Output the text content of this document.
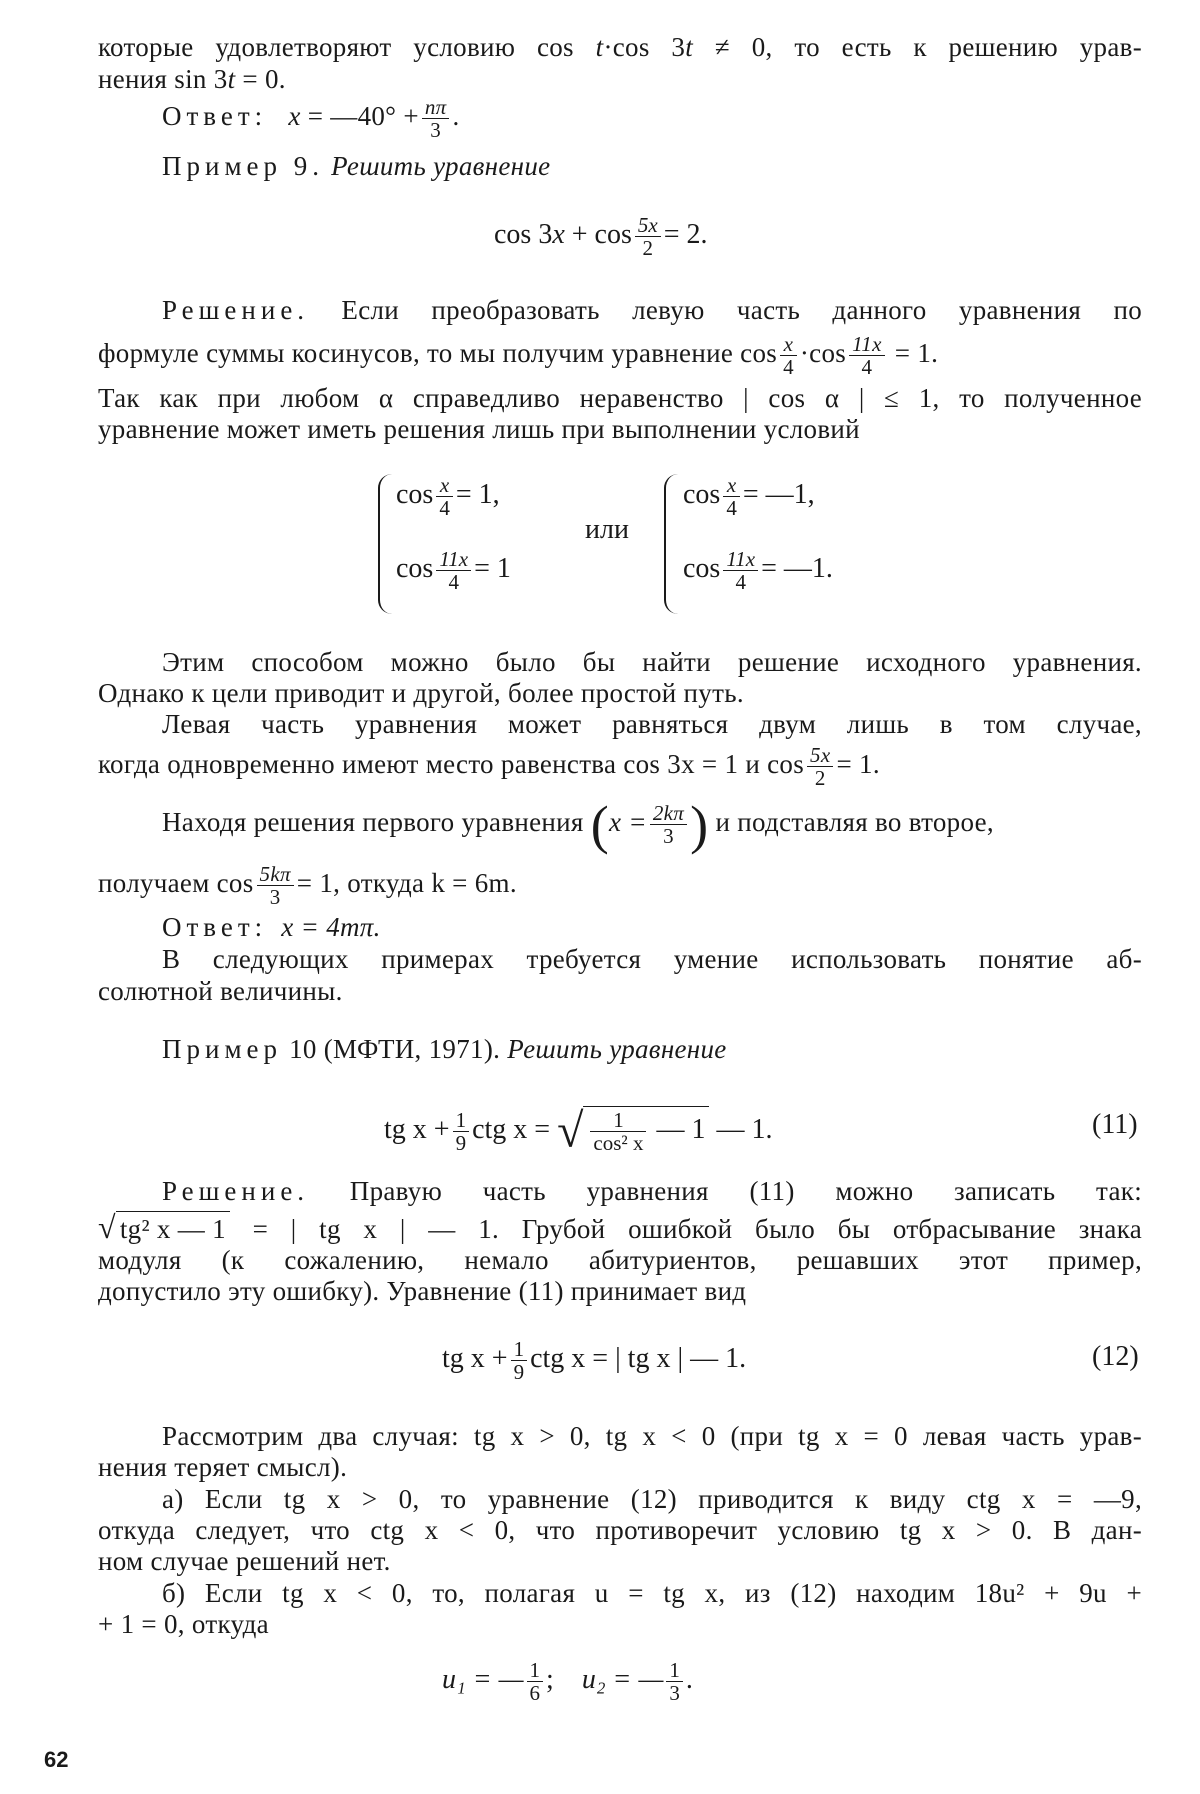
которые удовлетворяют условию cos t·cos 3t ≠ 0, то есть к решению урав-
нения sin 3t = 0.
Ответ: x = —40° + $\frac{n\pi}{3}$ .
Пример 9. Решить уравнение
$\cos 3x + \cos \frac{5x}{2} = 2$.
Решение. Если преобразовать левую часть данного уравнения по
формуле суммы косинусов, то мы получим уравнение $\cos \frac{x}{4} \cdot\cos \frac{11x}{4} = 1$.
Так как при любом α справедливо неравенство | cos α | ≤ 1, то полученное
уравнение может иметь решения лишь при выполнении условий
$\cos \frac{x}{4} = 1$,
$\cos \frac{11x}{4} = 1$
или
$\cos \frac{x}{4}$ = —1,
$\cos \frac{11x}{4}$ = —1.
Этим способом можно было бы найти решение исходного уравнения.
Однако к цели приводит и другой, более простой путь.
Левая часть уравнения может равняться двум лишь в том случае,
когда одновременно имеют место равенства cos 3x = 1 и $\cos \frac{5x}{2} = 1$.
Находя решения первого уравнения ($x = \frac{2k\pi}{3}$ ) и подставляя во второе,
получаем $\cos \frac{5k\pi}{3} = 1$, откуда k = 6m.
Ответ: x = 4mπ.
В следующих примерах требуется умение использовать понятие аб-
солютной величины.
Пример 10 (МФТИ, 1971). Решить уравнение
tg $x + \frac{1}{9}$ ctg x = √ $\frac{1}{\text{cos² x}}$ — 1 — 1.	(11)
Решение. Правую часть уравнения (11) можно записать так:
√ tg² x — 1 = | tg x | — 1. Грубой ошибкой было бы отбрасывание знака
модуля (к сожалению, немало абитуриентов, решавших этот пример,
допустило эту ошибку). Уравнение (11) принимает вид
tg $x + \frac{1}{9}$ ctg x = | tg x | — 1.	(12)
Рассмотрим два случая: tg x > 0, tg x < 0 (при tg x = 0 левая часть урав-
нения теряет смысл).
а) Если tg x > 0, то уравнение (12) приводится к виду ctg x = —9,
откуда следует, что ctg x < 0, что противоречит условию tg x > 0. В дан-
ном случае решений нет.
б) Если tg x < 0, то, полагая u = tg x, из (12) находим 18u² + 9u +
+ 1 = 0, откуда
u₁ = — $\frac{1}{6}$ ; u₂ = — $\frac{1}{3}$ .
62
